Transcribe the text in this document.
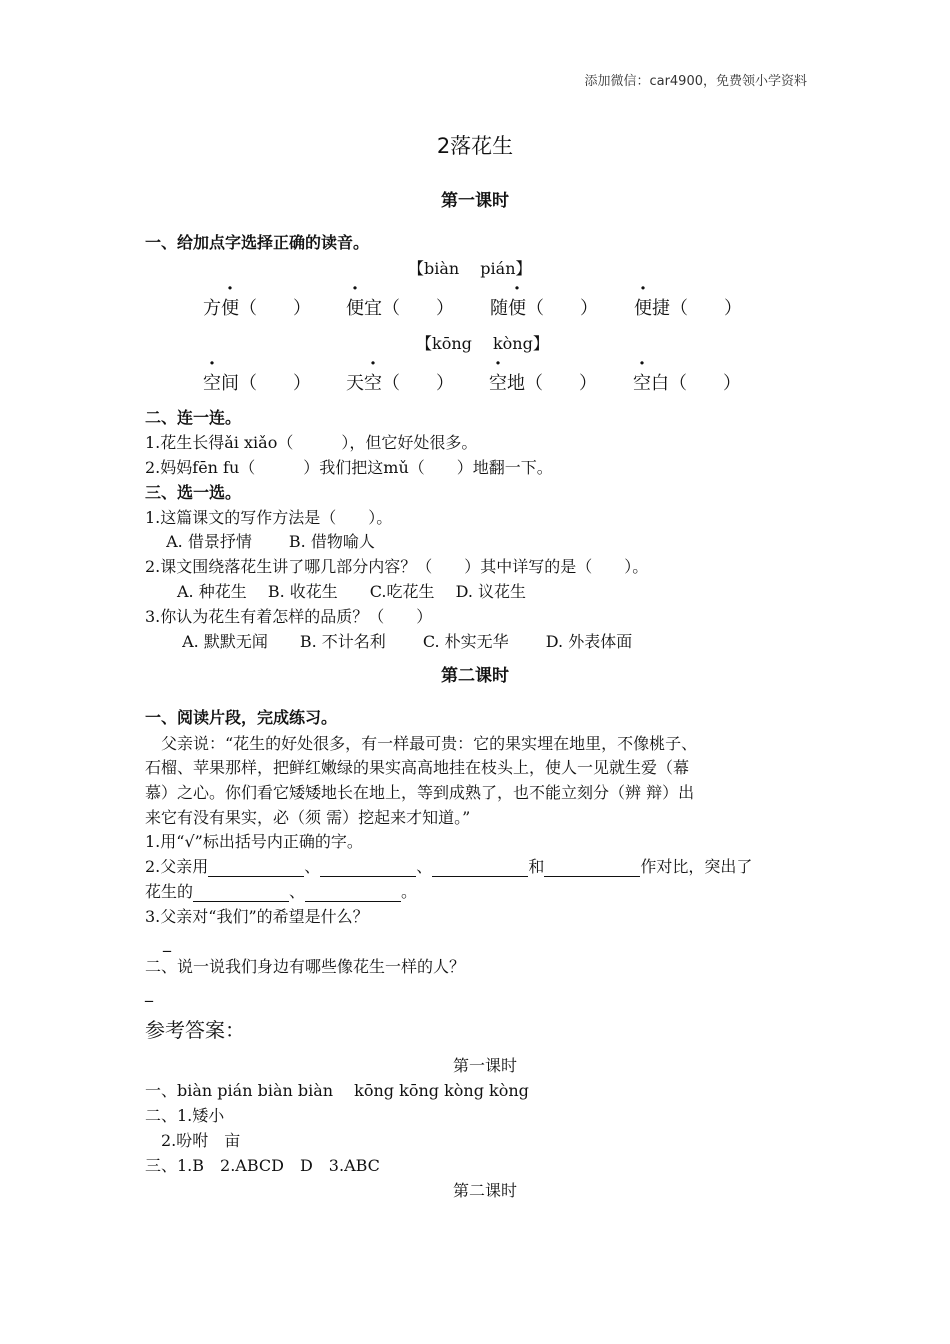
添加微信：car4900，免费领小学资料
2落花生
第一课时
一、给加点字选择正确的读音。
【biàn　 pián】
方便（　　） 便宜（　　） 随便（　　） 便捷（　　）
【kōng　 kòng】
空间（　　） 天空（　　） 空地（　　） 空白（　　）
二、连一连。
1.花生长得ǎi xiǎo（　　　），但它好处很多。
2.妈妈fēn fu（　　　）我们把这mǔ（　　）地翻一下。
三、选一选。
1.这篇课文的写作方法是（　　）。
　 A. 借景抒情　　 B. 借物喻人
2.课文围绕落花生讲了哪几部分内容？（　　）其中详写的是（　　）。
　　A. 种花生　 B. 收花生　　C.吃花生　 D. 议花生
3.你认为花生有着怎样的品质？（　　）
　　 A. 默默无闻　　B. 不计名利　　 C. 朴实无华　　 D. 外表体面
第二课时
一、阅读片段，完成练习。
　父亲说：“花生的好处很多，有一样最可贵：它的果实埋在地里，不像桃子、
石榴、苹果那样，把鲜红嫩绿的果实高高地挂在枝头上，使人一见就生爱（幕
慕）之心。你们看它矮矮地长在地上，等到成熟了，也不能立刻分（辨 辩）出
来它有没有果实，必（须 需）挖起来才知道。”
1.用“√”标出括号内正确的字。
2.父亲用	、	、	和	作对比，突出了
花生的	、	。
3.父亲对“我们”的希望是什么？
_
二、说一说我们身边有哪些像花生一样的人？
_
参考答案：
第一课时
一、biàn pián biàn biàn　 kōng kōng kòng kòng
二、1.矮小
　2.吩咐　亩
三、1.B　2.ABCD　D　3.ABC
第二课时
